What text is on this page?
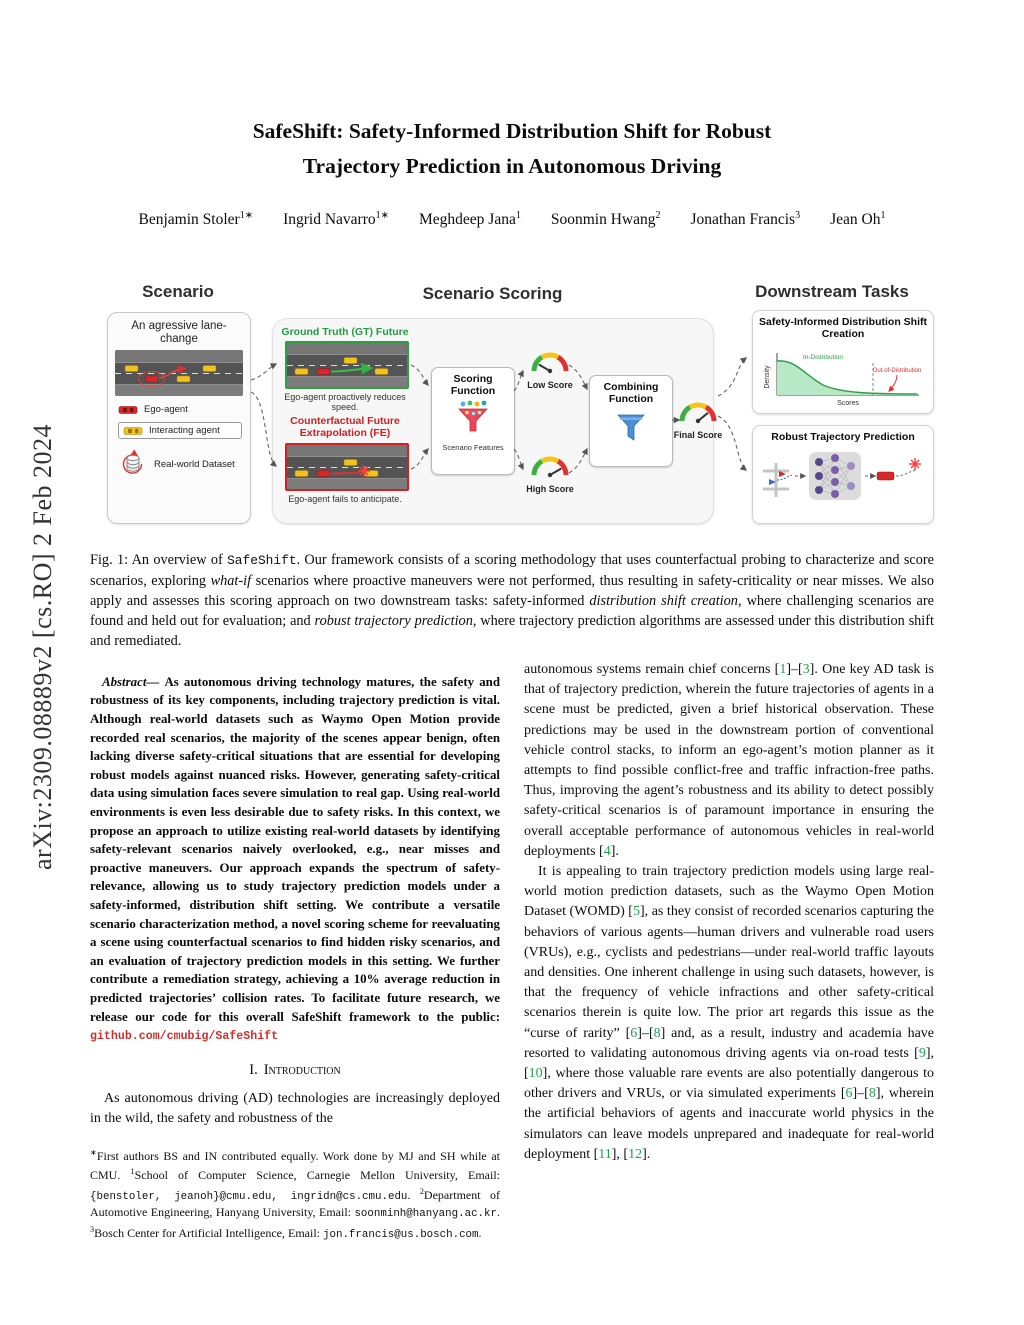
arXiv:2309.08889v2 [cs.RO] 2 Feb 2024
SafeShift: Safety-Informed Distribution Shift for Robust
Trajectory Prediction in Autonomous Driving
Benjamin Stoler$^{1∗}$ Ingrid Navarro$^{1∗}$ Meghdeep Jana$^1$ Soonmin Hwang$^2$ Jonathan Francis$^3$ Jean Oh$^1$
Scenario	Scenario Scoring	Downstream Tasks
An agressive lane-change
Ego-agent
Interacting agent
Real-world Dataset
Ground Truth (GT) Future
Ego-agent proactively reduces speed.
Counterfactual Future Extrapolation (FE)
Ego-agent fails to anticipate.
Scoring Function
Scenario Features
Low Score
High Score
Combining Function
Final Score
Safety-Informed Distribution Shift Creation
In-Distribution
Out-of-Distribution
Scores
Density
Robust Trajectory Prediction
Fig. 1: An overview of SafeShift. Our framework consists of a scoring methodology that uses counterfactual probing to characterize and score scenarios, exploring what-if scenarios where proactive maneuvers were not performed, thus resulting in safety-criticality or near misses. We also apply and assesses this scoring approach on two downstream tasks: safety-informed distribution shift creation, where challenging scenarios are found and held out for evaluation; and robust trajectory prediction, where trajectory prediction algorithms are assessed under this distribution shift and remediated.

Abstract— As autonomous driving technology matures, the safety and robustness of its key components, including trajectory prediction is vital. Although real-world datasets such as Waymo Open Motion provide recorded real scenarios, the majority of the scenes appear benign, often lacking diverse safety-critical situations that are essential for developing robust models against nuanced risks. However, generating safety-critical data using simulation faces severe simulation to real gap. Using real-world environments is even less desirable due to safety risks. In this context, we propose an approach to utilize existing real-world datasets by identifying safety-relevant scenarios naively overlooked, e.g., near misses and proactive maneuvers. Our approach expands the spectrum of safety-relevance, allowing us to study trajectory prediction models under a safety-informed, distribution shift setting. We contribute a versatile scenario characterization method, a novel scoring scheme for reevaluating a scene using counterfactual scenarios to find hidden risky scenarios, and an evaluation of trajectory prediction models in this setting. We further contribute a remediation strategy, achieving a 10% average reduction in predicted trajectories’ collision rates. To facilitate future research, we release our code for this overall SafeShift framework to the public: github.com/cmubig/SafeShift

I. Introduction

As autonomous driving (AD) technologies are increasingly deployed in the wild, the safety and robustness of the

∗First authors BS and IN contributed equally. Work done by MJ and SH while at CMU. $^1$School of Computer Science, Carnegie Mellon University, Email: {benstoler, jeanoh}@cmu.edu, ingridn@cs.cmu.edu. $^2$Department of Automotive Engineering, Hanyang University, Email: soonminh@hanyang.ac.kr. $^3$Bosch Center for Artificial Intelligence, Email: jon.francis@us.bosch.com.

autonomous systems remain chief concerns [1]–[3]. One key AD task is that of trajectory prediction, wherein the future trajectories of agents in a scene must be predicted, given a brief historical observation. These predictions may be used in the downstream portion of conventional vehicle control stacks, to inform an ego-agent’s motion planner as it attempts to find possible conflict-free and traffic infraction-free paths. Thus, improving the agent’s robustness and its ability to detect possibly safety-critical scenarios is of paramount importance in ensuring the overall acceptable performance of autonomous vehicles in real-world deployments [4].

It is appealing to train trajectory prediction models using large real-world motion prediction datasets, such as the Waymo Open Motion Dataset (WOMD) [5], as they consist of recorded scenarios capturing the behaviors of various agents—human drivers and vulnerable road users (VRUs), e.g., cyclists and pedestrians—under real-world traffic layouts and densities. One inherent challenge in using such datasets, however, is that the frequency of vehicle infractions and other safety-critical scenarios therein is quite low. The prior art regards this issue as the “curse of rarity” [6]–[8] and, as a result, industry and academia have resorted to validating autonomous driving agents via on-road tests [9], [10], where those valuable rare events are also potentially dangerous to other drivers and VRUs, or via simulated experiments [6]–[8], wherein the artificial behaviors of agents and inaccurate world physics in the simulators can leave models unprepared and inadequate for real-world deployment [11], [12].
